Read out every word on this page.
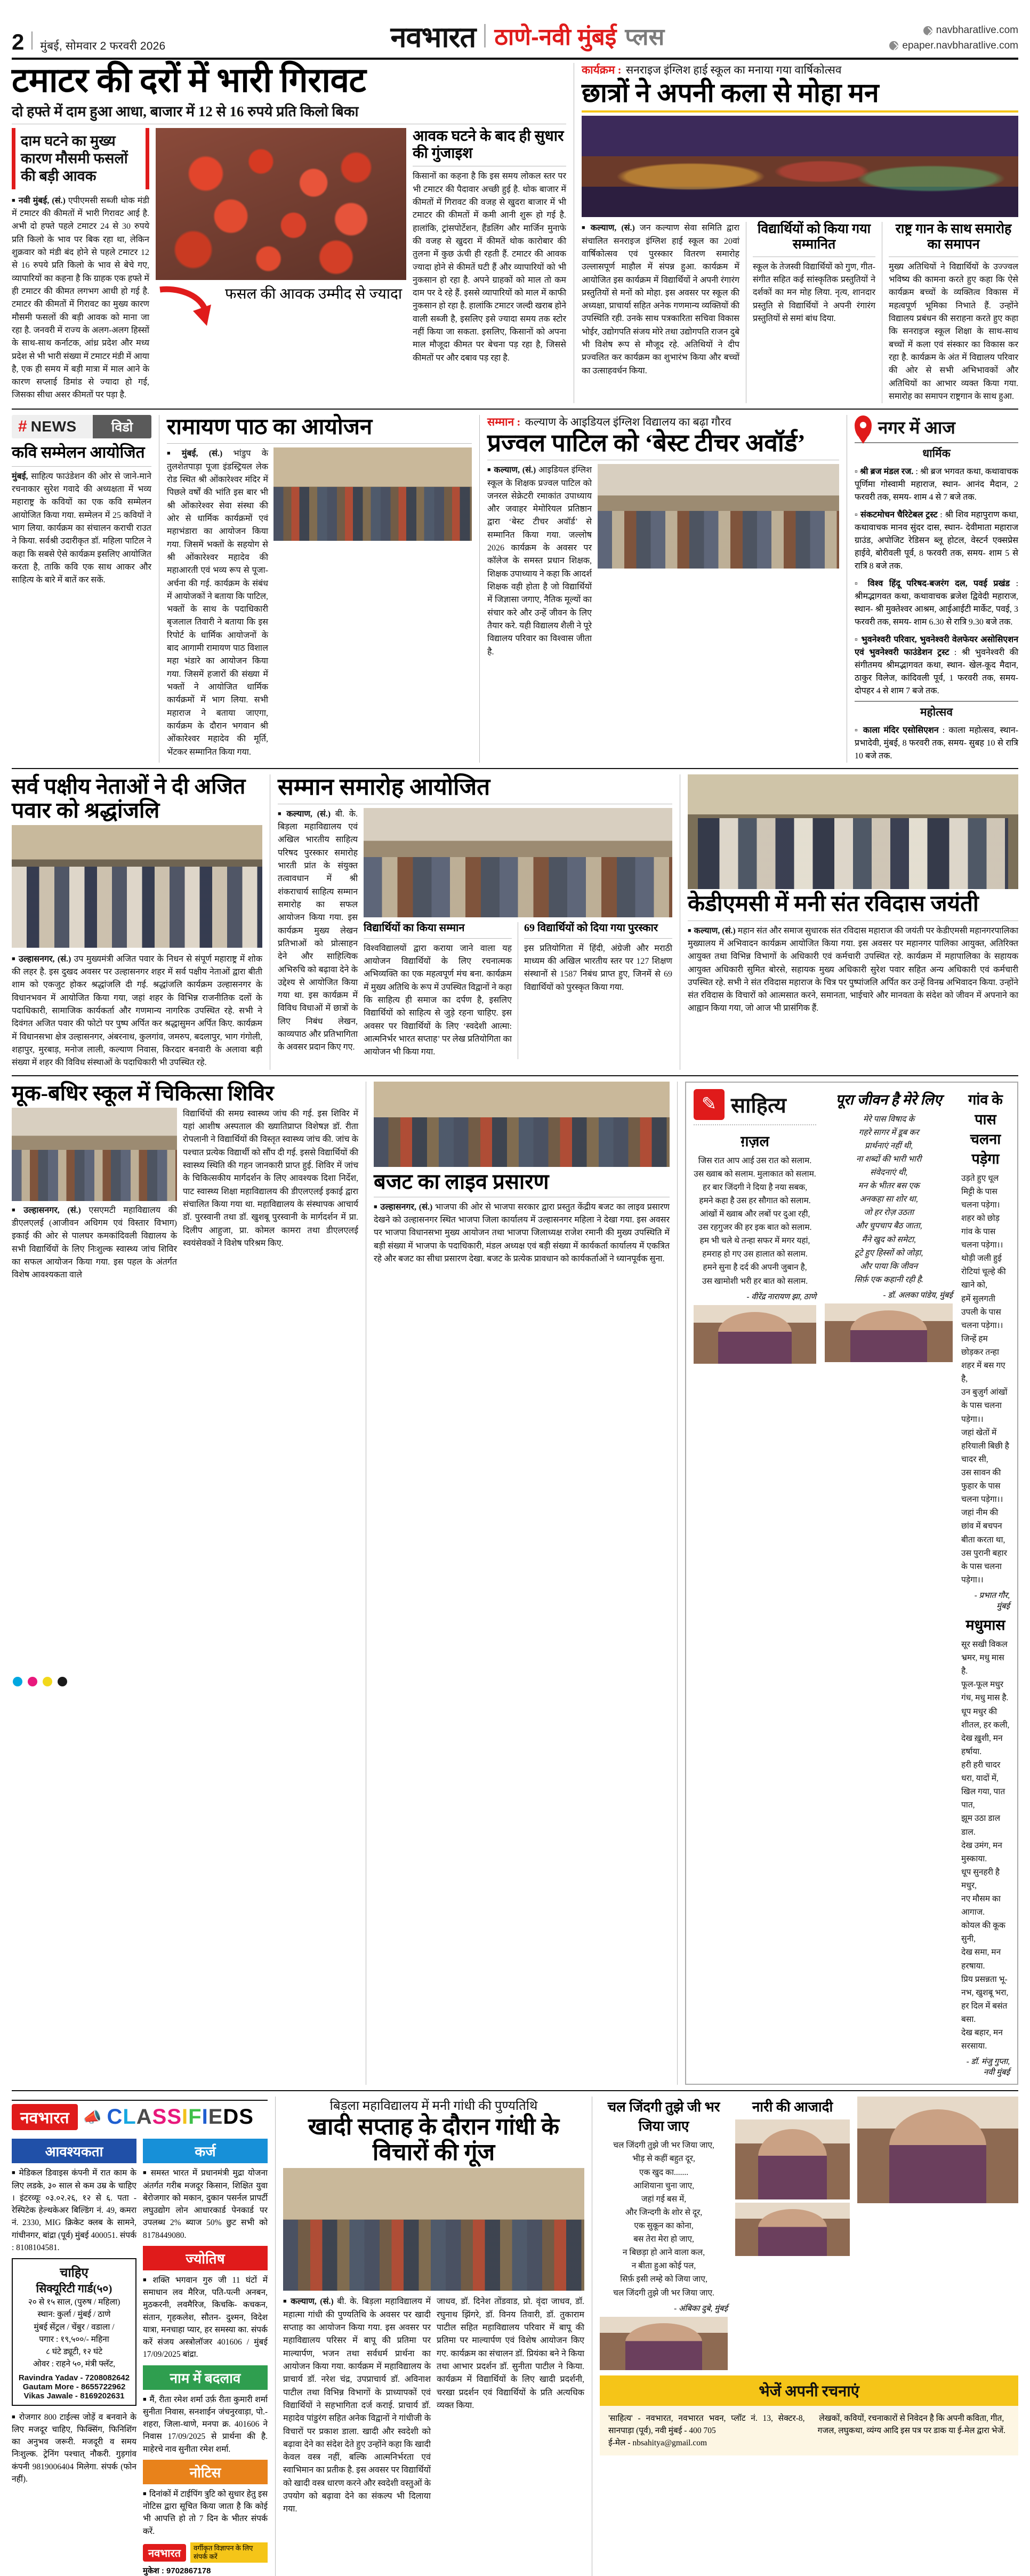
2 मुंबई, सोमवार 2 फरवरी 2026	नवभारत ठाणे-नवी मुंबई प्लस	navbharatlive.com
epaper.navbharatlive.com
टमाटर की दरों में भारी गिरावट
दो हफ्ते में दाम हुआ आधा, बाजार में 12 से 16 रुपये प्रति किलो बिका
दाम घटने का मुख्य कारण मौसमी फसलों की बड़ी आवक
■ नवी मुंबई, (सं.) एपीएमसी सब्जी थोक मंडी में टमाटर की कीमतों में भारी गिरावट आई है. अभी दो हफ्ते पहले टमाटर 24 से 30 रुपये प्रति किलो के भाव पर बिक रहा था, लेकिन शुक्रवार को मंडी बंद होने से पहले टमाटर 12 से 16 रुपये प्रति किलो के भाव से बेचे गए, व्यापारियों का कहना है कि ग्राहक एक हफ्ते में ही टमाटर की कीमत लगभग आधी हो गई है. टमाटर की कीमतों में गिरावट का मुख्य कारण मौसमी फसलों की बड़ी आवक को माना जा रहा है. जनवरी में राज्य के अलग-अलग हिस्सों के साथ-साथ कर्नाटक, आंध्र प्रदेश और मध्य प्रदेश से भी भारी संख्या में टमाटर मंडी में आया है, एक ही समय में बड़ी मात्रा में माल आने के कारण सप्लाई डिमांड से ज्यादा हो गई, जिसका सीधा असर कीमतों पर पड़ा है.
फसल की आवक उम्मीद से ज्यादा
आवक घटने के बाद ही सुधार की गुंजाइश
किसानों का कहना है कि इस समय लोकल स्तर पर भी टमाटर की पैदावार अच्छी हुई है. थोक बाजार में कीमतों में गिरावट की वजह से खुदरा बाजार में भी टमाटर की कीमतों में कमी आनी शुरू हो गई है. हालांकि, ट्रांसपोर्टेशन, हैंडलिंग और मार्जिन मुनाफे की वजह से खुदरा में कीमतें थोक कारोबार की तुलना में कुछ ऊंची ही रहती हैं. टमाटर की आवक ज्यादा होने से कीमतें घटी हैं और व्यापारियों को भी नुकसान हो रहा है. अपने ग्राहकों को माल तो कम दाम पर दे रहे हैं. इससे व्यापारियों को माल में काफी नुकसान हो रहा है. हालांकि टमाटर जल्दी खराब होने वाली सब्जी है, इसलिए इसे ज्यादा समय तक स्टोर नहीं किया जा सकता. इसलिए, किसानों को अपना माल मौजूदा कीमत पर बेचना पड़ रहा है, जिससे कीमतों पर और दबाव पड़ रहा है.
कार्यक्रम : सनराइज इंग्लिश हाई स्कूल का मनाया गया वार्षिकोत्सव
छात्रों ने अपनी कला से मोहा मन
■ कल्याण, (सं.) जन कल्याण सेवा समिति द्वारा संचालित सनराइज इंग्लिश हाई स्कूल का 20वां वार्षिकोत्सव एवं पुरस्कार वितरण समारोह उल्लासपूर्ण माहौल में संपन्न हुआ. कार्यक्रम में आयोजित इस कार्यक्रम में विद्यार्थियों ने अपनी रंगारंग प्रस्तुतियों से मनों को मोहा. इस अवसर पर स्कूल की अध्यक्षा, प्राचार्या सहित अनेक गणमान्य व्यक्तियों की उपस्थिति रही. उनके साथ पत्रकारिता सचिवा विकास भोईर, उद्योगपति संजय मोरे तथा उद्योगपति राजन दुबे भी विशेष रूप से मौजूद रहे. अतिथियों ने दीप प्रज्वलित कर कार्यक्रम का शुभारंभ किया और बच्चों का उत्साहवर्धन किया.
विद्यार्थियों को किया गया सम्मानित
स्कूल के तेजस्वी विद्यार्थियों को गुण, गीत-संगीत सहित कई सांस्कृतिक प्रस्तुतियों ने दर्शकों का मन मोह लिया. नृत्य, शानदार प्रस्तुति से विद्यार्थियों ने अपनी रंगारंग प्रस्तुतियों से समां बांध दिया.
राष्ट्र गान के साथ समारोह का समापन
मुख्य अतिथियों ने विद्यार्थियों के उज्ज्वल भविष्य की कामना करते हुए कहा कि ऐसे कार्यक्रम बच्चों के व्यक्तित्व विकास में महत्वपूर्ण भूमिका निभाते हैं. उन्होंने विद्यालय प्रबंधन की सराहना करते हुए कहा कि सनराइज स्कूल शिक्षा के साथ-साथ बच्चों में कला एवं संस्कार का विकास कर रहा है. कार्यक्रम के अंत में विद्यालय परिवार की ओर से सभी अभिभावकों और अतिथियों का आभार व्यक्त किया गया. समारोह का समापन राष्ट्रगान के साथ हुआ.
# NEWS	विडो
कवि सम्मेलन आयोजित
मुंबई, साहित्य फाउंडेशन की ओर से जाने-माने रचनाकार सुरेश गवादे की अध्यक्षता में भव्य महाराष्ट्र के कवियों का एक कवि सम्मेलन आयोजित किया गया. सम्मेलन में 25 कवियों ने भाग लिया. कार्यक्रम का संचालन कराची राउत ने किया. सर्वश्री उदारीकृत डॉ. महिला पाटिल ने कहा कि सबसे ऐसे कार्यक्रम इसलिए आयोजित करता है, ताकि कवि एक साथ आकर और साहित्य के बारे में बातें कर सकें.
रामायण पाठ का आयोजन
■ मुंबई, (सं.) भांडुप के तुलशेतपाड़ा पूजा इंडस्ट्रियल लेक रोड स्थित श्री ओंकारेश्वर मंदिर में पिछले वर्षों की भांति इस बार भी श्री ओंकारेश्वर सेवा संस्था की ओर से धार्मिक कार्यक्रमों एवं महाभंडारा का आयोजन किया गया. जिसमें भक्तों के सहयोग से श्री ओंकारेश्वर महादेव की महाआरती एवं भव्य रूप से पूजा-अर्चना की गई. कार्यक्रम के संबंध में आयोजकों ने बताया कि पाटिल, भक्तों के साथ के पदाधिकारी बृजलाल तिवारी ने बताया कि इस रिपोर्ट के धार्मिक आयोजनों के बाद आगामी रामायण पाठ विशाल महा भंडारे का आयोजन किया गया. जिसमें हजारों की संख्या में भक्तों ने आयोजित धार्मिक कार्यक्रमों में भाग लिया. सभी महाराज ने बताया जाएगा, कार्यक्रम के दौरान भगवान श्री ओंकारेश्वर महादेव की मूर्ति, भेंटकर सम्मानित किया गया.
सम्मान : कल्याण के आइडियल इंग्लिश विद्यालय का बढ़ा गौरव
प्रज्वल पाटिल को ‘बेस्ट टीचर अवॉर्ड’
■ कल्याण, (सं.) आइडियल इंग्लिश स्कूल के शिक्षक प्रज्वल पाटिल को जनरल सेक्रेटरी रमाकांत उपाध्याय और जवाहर मेमोरियल प्रतिष्ठान द्वारा ‘बेस्ट टीचर अवॉर्ड’ से सम्मानित किया गया. जल्लोष 2026 कार्यक्रम के अवसर पर कॉलेज के समस्त प्रधान शिक्षक, शिक्षक उपाध्याय ने कहा कि आदर्श शिक्षक वही होता है जो विद्यार्थियों में जिज्ञासा जगाए, नैतिक मूल्यों का संचार करे और उन्हें जीवन के लिए तैयार करे. यही विद्यालय शैली ने पूरे विद्यालय परिवार का विश्वास जीता है.
नगर में आज
धार्मिक
▫ श्री ब्रज मंडल रज. : श्री ब्रज भगवत कथा, कथावाचक पूर्णिमा गोस्वामी महाराज, स्थान- आनंद मैदान, 2 फरवरी तक, समय- शाम 4 से 7 बजे तक.
▫ संकटमोचन चैरिटेबल ट्रस्ट : श्री शिव महापुराण कथा, कथावाचक मानव सुंदर दास, स्थान- देवीमाता महाराज ग्राउंड, अपोजिट रेडिसन ब्लू होटल, वेस्टर्न एक्सप्रेस हाईवे, बोरीवली पूर्व, 8 फरवरी तक, समय- शाम 5 से रात्रि 8 बजे तक.
▫ विश्व हिंदू परिषद-बजरंग दल, पवई प्रखंड : श्रीमद्भागवत कथा, कथावाचक ब्रजेश द्विवेदी महाराज, स्थान- श्री मुक्तेश्वर आश्रम, आईआईटी मार्केट, पवई, 3 फरवरी तक, समय- शाम 6.30 से रात्रि 9.30 बजे तक.
▫ भुवनेश्वरी परिवार, भुवनेश्वरी वेलफेयर असोसिएशन एवं भुवनेश्वरी फाउंडेशन ट्रस्ट : श्री भुवनेश्वरी की संगीतमय श्रीमद्भागवत कथा, स्थान- खेल-कूद मैदान, ठाकुर विलेज, कांदिवली पूर्व, 1 फरवरी तक, समय- दोपहर 4 से शाम 7 बजे तक.
महोत्सव
▫ काला मंदिर एसोसिएशन : काला महोत्सव, स्थान- प्रभादेवी, मुंबई, 8 फरवरी तक, समय- सुबह 10 से रात्रि 10 बजे तक.
सर्व पक्षीय नेताओं ने दी अजित पवार को श्रद्धांजलि
■ उल्हासनगर, (सं.) उप मुख्यमंत्री अजित पवार के निधन से संपूर्ण महाराष्ट्र में शोक की लहर है. इस दुखद अवसर पर उल्हासनगर शहर में सर्व पक्षीय नेताओं द्वारा बीती शाम को एकजुट होकर श्रद्धांजलि दी गई. श्रद्धांजलि कार्यक्रम उल्हासनगर के विधानभवन में आयोजित किया गया, जहां शहर के विभिन्न राजनीतिक दलों के पदाधिकारी, सामाजिक कार्यकर्ता और गणमान्य नागरिक उपस्थित रहे. सभी ने दिवंगत अजित पवार की फोटो पर पुष्प अर्पित कर श्रद्धासुमन अर्पित किए. कार्यक्रम में विधानसभा क्षेत्र उल्हासनगर, अंबरनाथ, कुलगांव, जमरुप, बदलापुर, भाग गंगोली, शहापुर, मुरबाड़, मनोज लाली, कल्याण निवास, किरदार बनवारी के अलावा बड़ी संख्या में शहर की विविध संस्थाओं के पदाधिकारी भी उपस्थित रहे.
सम्मान समारोह आयोजित
■ कल्याण, (सं.) बी. के. बिड़ला महाविद्यालय एवं अखिल भारतीय साहित्य परिषद पुरस्कार समारोह भारती प्रांत के संयुक्त तत्वावधान में श्री शंकराचार्य साहित्य सम्मान समारोह का सफल आयोजन किया गया. इस कार्यक्रम मुख्य लेखन प्रतिभाओं को प्रोत्साहन देने और साहित्यिक अभिरुचि को बढ़ावा देने के उद्देश्य से आयोजित किया गया था. इस कार्यक्रम में विविध विधाओं में छात्रों के लिए निबंध लेखन, काव्यपाठ और प्रतिभागिता के अवसर प्रदान किए गए.
विद्यार्थियों का किया सम्मान
विश्वविद्यालयों द्वारा कराया जाने वाला यह आयोजन विद्यार्थियों के लिए रचनात्मक अभिव्यक्ति का एक महत्वपूर्ण मंच बना. कार्यक्रम में मुख्य अतिथि के रूप में उपस्थित विद्वानों ने कहा कि साहित्य ही समाज का दर्पण है, इसलिए विद्यार्थियों को साहित्य से जुड़े रहना चाहिए. इस अवसर पर विद्यार्थियों के लिए ‘स्वदेशी आत्मा: आत्मनिर्भर भारत सप्ताह’ पर लेख प्रतियोगिता का आयोजन भी किया गया.
69 विद्यार्थियों को दिया गया पुरस्कार
इस प्रतियोगिता में हिंदी, अंग्रेजी और मराठी माध्यम की अखिल भारतीय स्तर पर 127 शिक्षण संस्थानों से 1587 निबंध प्राप्त हुए, जिनमें से 69 विद्यार्थियों को पुरस्कृत किया गया.
केडीएमसी में मनी संत रविदास जयंती
■ कल्याण, (सं.) महान संत और समाज सुधारक संत रविदास महाराज की जयंती पर केडीएमसी महानगरपालिका मुख्यालय में अभिवादन कार्यक्रम आयोजित किया गया. इस अवसर पर महानगर पालिका आयुक्त, अतिरिक्त आयुक्त तथा विभिन्न विभागों के अधिकारी एवं कर्मचारी उपस्थित रहे. कार्यक्रम में महापालिका के सहायक आयुक्त अधिकारी सुमित बोरसे, सहायक मुख्य अधिकारी सुरेश पवार सहित अन्य अधिकारी एवं कर्मचारी उपस्थित रहे. सभी ने संत रविदास महाराज के चित्र पर पुष्पांजलि अर्पित कर उन्हें विनम्र अभिवादन किया. उन्होंने संत रविदास के विचारों को आत्मसात करने, समानता, भाईचारे और मानवता के संदेश को जीवन में अपनाने का आह्वान किया गया, जो आज भी प्रासंगिक हैं.
मूक-बधिर स्कूल में चिकित्सा शिविर
■ उल्हासनगर, (सं.) एसएमटी महाविद्यालय की डीएलएलई (आजीवन अधिगम एवं विस्तार विभाग) इकाई की ओर से पालघर कमकांदिवली विद्यालय के सभी विद्यार्थियों के लिए निःशुल्क स्वास्थ्य जांच शिविर का सफल आयोजन किया गया. इस पहल के अंतर्गत विशेष आवश्यकता वाले
विद्यार्थियों की समग्र स्वास्थ्य जांच की गई. इस शिविर में यहां आशीष अस्पताल की ख्यातिप्राप्त विशेषज्ञ डॉ. रीता रोपलानी ने विद्यार्थियों की विस्तृत स्वास्थ्य जांच की. जांच के पश्चात प्रत्येक विद्यार्थी को सौंप दी गई. इससे विद्यार्थियों की स्वास्थ्य स्थिति की गहन जानकारी प्राप्त हुई. शिविर में जांच के चिकित्सकीय मार्गदर्शन के लिए आवश्यक दिशा निर्देश, पाट स्वास्थ्य शिक्षा महाविद्यालय की डीएलएलई इकाई द्वारा संचालित किया गया था. महाविद्यालय के संस्थापक आचार्य डॉ. पुरस्वानी तथा डॉ. खुशबू पुरस्वानी के मार्गदर्शन में प्रा. दिलीप आहुजा, प्रा. कोमल कामरा तथा डीएलएलई स्वयंसेवकों ने विशेष परिश्रम किए.
बजट का लाइव प्रसारण
■ उल्हासनगर, (सं.) भाजपा की ओर से भाजपा सरकार द्वारा प्रस्तुत केंद्रीय बजट का लाइव प्रसारण देखने को उल्हासनगर स्थित भाजपा जिला कार्यालय में उल्हासनगर महिला ने देखा गया. इस अवसर पर भाजपा विधानसभा मुख्य आयोजन तथा भाजपा जिलाध्यक्ष राजेश रमानी की मुख्य उपस्थिति में बड़ी संख्या में भाजपा के पदाधिकारी, मंडल अध्यक्ष एवं बड़ी संख्या में कार्यकर्ता कार्यालय में एकत्रित रहे और बजट का सीधा प्रसारण देखा. बजट के प्रत्येक प्रावधान को कार्यकर्ताओं ने ध्यानपूर्वक सुना.
✎ साहित्य
ग़ज़ल
जिस रात आप आई उस रात को सलाम.
उस ख्वाब को सलाम. मुलाकात को सलाम.
हर बार जिंदगी ने दिया है नया सबक,
हमने कहा है उस हर सौगात को सलाम.
आंखों में ख्वाब और लबों पर दुआ रही,
उस रहगुजर की हर इक बात को सलाम.
हम भी चले थे तन्हा सफर में मगर यहां,
हमराह हो गए उस हालात को सलाम.
हमने सुना है दर्द की अपनी जुबान है,
उस खामोशी भरी हर बात को सलाम.
- वीरेंद्र नारायण झा, ठाणे
पूरा जीवन है मेरे लिए
मेरे पास विषाद के
गहरे सागर में डूब कर
प्रार्थनाएं नहीं थी,
ना शब्दों की भारी भारी
संवेदनाएं थी,
मन के भीतर बस एक
अनकहा सा शोर था,
जो हर रोज़ उठता
और चुपचाप बैठ जाता,
मैंने खुद को समेटा,
टूटे हुए हिस्सों को जोड़ा,
और पाया कि जीवन
सिर्फ़ एक कहानी रही है.
- डॉ. अलका पांडेय, मुंबई
गांव के पास चलना पड़ेगा
उड़ते हुए धूल मिट्टी के पास चलना पड़ेगा।
शहर को छोड़ गांव के पास चलना पड़ेगा।।
थोड़ी जली हुई रोटियां चूल्हे की खाने को,
हमें सुलगती उपली के पास चलना पड़ेगा।।
जिन्हें हम छोड़कर तन्हा शहर में बस गए है,
उन बुज़ुर्ग आंखों के पास चलना पड़ेगा।।
जहां खेतों में हरियाली बिछी है चादर सी,
उस सावन की फुहार के पास चलना पड़ेगा।।
जहां नीम की छांव में बचपन बीता करता था,
उस पुरानी बहार के पास चलना पड़ेगा।।
- प्रभात गौर, मुंबई
मधुमास
सूर सखी विकल भ्रमर, मधु मास है.
फूल-फूल मधुर गंध, मधु मास है.
धूप मधुर की शीतल, हर कली,
देख ख़ुशी, मन हर्षाया.
हरी हरी चादर धरा, यादों में,
खिल गया, पात पात,
झूम उठा डाल डाल.
देख उमंग, मन मुस्काया.
धूप सुनहरी है मधुर,
नए मौसम का आगाज.
कोयल की कूक सुनी,
देख समा, मन हरषाया.
प्रिय प्रसन्नता भू-नभ, खुशबू भरा,
हर दिल में बसंत बसा.
देख बहार, मन सरसाया.
- डॉ. मंजु गुप्ता, नवी मुंबई
नवभारत 📣 CLASSIFIEDS
आवश्यकता
■ मेडिकल डिवाइस कंपनी में रात काम के लिए लडके, ३० साल से कम उम्र के चाहिए । इंटरव्यूः ०३.०२.२६, १२ से ६. पता - रेस्पिटेक हेल्थकेअर बिल्डिंग नं. 49, कमरा नं. 2330, MIG क्रिकेट क्लब के सामने, गांधीनगर, बांद्रा (पूर्व) मुंबई 400051. संपर्क : 8108104581.
चाहिए
सिक्यूरिटी गार्ड(५०)
२० से १५ साल, (पुरुष / महिला)
स्थान: कुर्ला / मुंबई / ठाणे
मुंबई सेंट्रल / चेंबुर / वडाला /
पगार : १९,५००/- महिना
८ घंटे ड्यूटी, १२ घंटे
ओवर : राहने ५०, मंत्री फ्लॅट,
Ravindra Yadav - 7208082642
Gautam More - 8655722962
Vikas Jawale - 8169202631
■ रोजगार 800 टाईल्स जोड़ें व बनवाने के लिए मजदूर चाहिए, फिक्सिंग, फिनिशिंग का अनुभव जरूरी. मजदूरी व समय निःशुल्क. ट्रेनिंग पश्चात् नौकरी. गुड़गांव कंपनी 9819006404 मिलेगा. संपर्क (फोन नहीं).
कर्ज
■ समस्त भारत में प्रधानमंत्री मुद्रा योजना अंतर्गत गरीब मजदूर किसान, शिक्षित युवा बेरोजगार को मकान, दुकान पसर्नल प्रापर्टी लघुउद्योग लोन आधारकार्ड पेनकार्ड पर उपलब्ध 2% ब्याज 50% छुट सभी को 8178449080.
ज्योतिष
■ शक्ति भगवान गुरु जी 11 घंटों में समाधान लव मैरिज, पति-पत्नी अनबन, मुठकरनी, लवमैरिज, किचकि- कचकन, संतान, गृहकलेश, सौतन- दुश्मन, विदेश यात्रा, मनचाहा प्यार, हर समस्या का. संपर्क करें संजय अस्त्रोलॉजर 401606 / मुंबई 17/09/2025 बांद्रा.
नाम में बदलाव
■ मैं, रीता रमेश शर्मा उर्फ़ रीता कुमारी शर्मा सुनीता निवास, सनशाईन जंचनुरवाड़ा, पो.-शहरा, जिला-थाणे, मनपा क्र. 401606 ने निवास 17/09/2025 से प्रार्थना की है. माहेरचे नाव सुनीता रमेश शर्मा.
नोटिस
■ दिनांकों में टाईपिंग त्रुटि को सुधार हेतु इस नोटिस द्वारा सूचित किया जाता है कि कोई भी आपत्ति हो तो 7 दिन के भीतर संपर्क करें.
नवभारत	वर्गीकृत विज्ञापन के लिए संपर्क करें
मुकेश : 9702867178
बिड़ला महाविद्यालय में मनी गांधी की पुण्यतिथि
खादी सप्ताह के दौरान गांधी के विचारों की गूंज
■ कल्याण, (सं.) बी. के. बिड़ला महाविद्यालय में महात्मा गांधी की पुण्यतिथि के अवसर पर खादी सप्ताह का आयोजन किया गया. इस अवसर पर महाविद्यालय परिसर में बापू की प्रतिमा पर माल्यार्पण, भजन तथा सर्वधर्म प्रार्थना का आयोजन किया गया. कार्यक्रम में महाविद्यालय के प्राचार्य डॉ. नरेश चंद्र, उपप्राचार्य डॉ. अविनाश पाटील तथा विभिन्न विभागों के प्राध्यापकों एवं विद्यार्थियों ने सहभागिता दर्ज कराई. प्राचार्य डॉ. महादेव पांडुरंग सहित अनेक विद्वानों ने गांधीजी के विचारों पर प्रकाश डाला. खादी और स्वदेशी को बढ़ावा देने का संदेश देते हुए उन्होंने कहा कि खादी केवल वस्त्र नहीं, बल्कि आत्मनिर्भरता एवं स्वाभिमान का प्रतीक है. इस अवसर पर विद्यार्थियों को खादी वस्त्र धारण करने और स्वदेशी वस्तुओं के उपयोग को बढ़ावा देने का संकल्प भी दिलाया गया.
जाधव, डॉ. दिनेश तोंडवाड, प्रो. वृंदा जाधव, डॉ. रघुनाथ झिंगरे, डॉ. विनय तिवारी, डॉ. तुकाराम पाटील सहित महाविद्यालय परिवार में बापू की प्रतिमा पर माल्यार्पण एवं विशेष आयोजन किए गए. कार्यक्रम का संचालन डॉ. प्रियंका बने ने किया तथा आभार प्रदर्शन डॉ. सुनीता पाटील ने किया. कार्यक्रम में विद्यार्थियों के लिए खादी प्रदर्शनी, चरखा प्रदर्शन एवं विद्यार्थियों के प्रति अत्यधिक व्यक्त किया.
चल जिंदगी तुझे जी भर जिया जाए
चल जिंदगी तुझे जी भर जिया जाए,
भीड़ से कहीं बहुत दूर,
एक खुद का.......
आशियाना चुना जाए,
जहां गई बस में,
और जिन्दगी के शोर से दूर,
एक सुकून का कोना,
बस तेरा मेरा हो जाए,
न बिछड़ा हो आने वाला कल,
न बीता हुआ कोई पल,
सिर्फ़ इसी लम्हे को जिया जाए,
चल जिंदगी तुझे जी भर जिया जाए.
- अंबिका दुबे, मुंबई
नारी की आजादी
भेजें अपनी रचनाएं
'साहित्य' - नवभारत, नवभारत भवन, प्लॉट नं. 13, सेक्टर-8, सानपाड़ा (पूर्व), नवी मुंबई - 400 705
ई-मेल - nbsahitya@gmail.com
लेखकों, कवियों, रचनाकारों से निवेदन है कि अपनी कविता, गीत, गजल, लघुकथा, व्यंग्य आदि इस पत्र पर डाक या ई-मेल द्वारा भेजें.
